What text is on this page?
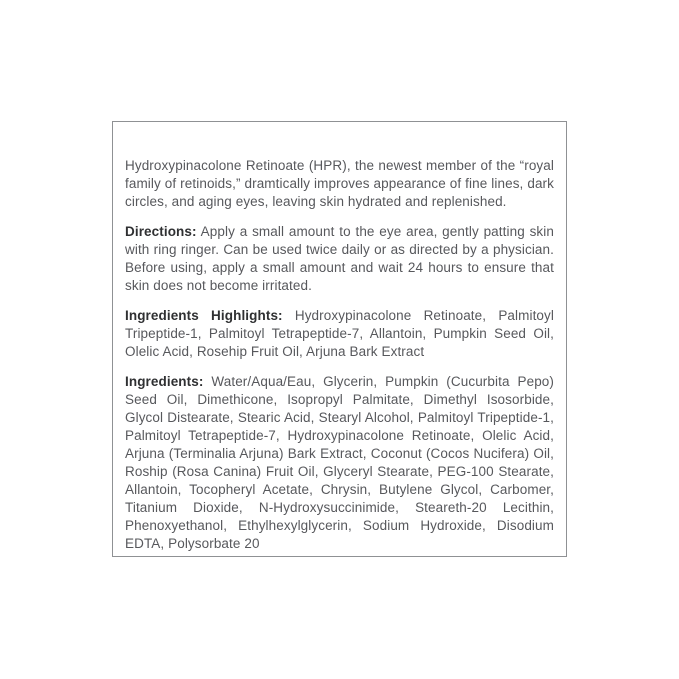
Hydroxypinacolone Retinoate (HPR), the newest member of the “royal family of retinoids,” dramtically improves appearance of fine lines, dark circles, and aging eyes, leaving skin hydrated and replenished.

Directions: Apply a small amount to the eye area, gently patting skin with ring ringer. Can be used twice daily or as directed by a physician. Before using, apply a small amount and wait 24 hours to ensure that skin does not become irritated.

Ingredients Highlights: Hydroxypinacolone Retinoate, Palmitoyl Tripeptide-1, Palmitoyl Tetrapeptide-7, Allantoin, Pumpkin Seed Oil, Olelic Acid, Rosehip Fruit Oil, Arjuna Bark Extract

Ingredients: Water/Aqua/Eau, Glycerin, Pumpkin (Cucurbita Pepo) Seed Oil, Dimethicone, Isopropyl Palmitate, Dimethyl Isosorbide, Glycol Distearate, Stearic Acid, Stearyl Alcohol, Palmitoyl Tripeptide-1, Palmitoyl Tetrapeptide-7, Hydroxypinacolone Retinoate, Olelic Acid, Arjuna (Terminalia Arjuna) Bark Extract, Coconut (Cocos Nucifera) Oil, Roship (Rosa Canina) Fruit Oil, Glyceryl Stearate, PEG-100 Stearate, Allantoin, Tocopheryl Acetate, Chrysin, Butylene Glycol, Carbomer, Titanium Dioxide, N-Hydroxysuccinimide, Steareth-20 Lecithin, Phenoxyethanol, Ethylhexylglycerin, Sodium Hydroxide, Disodium EDTA, Polysorbate 20
